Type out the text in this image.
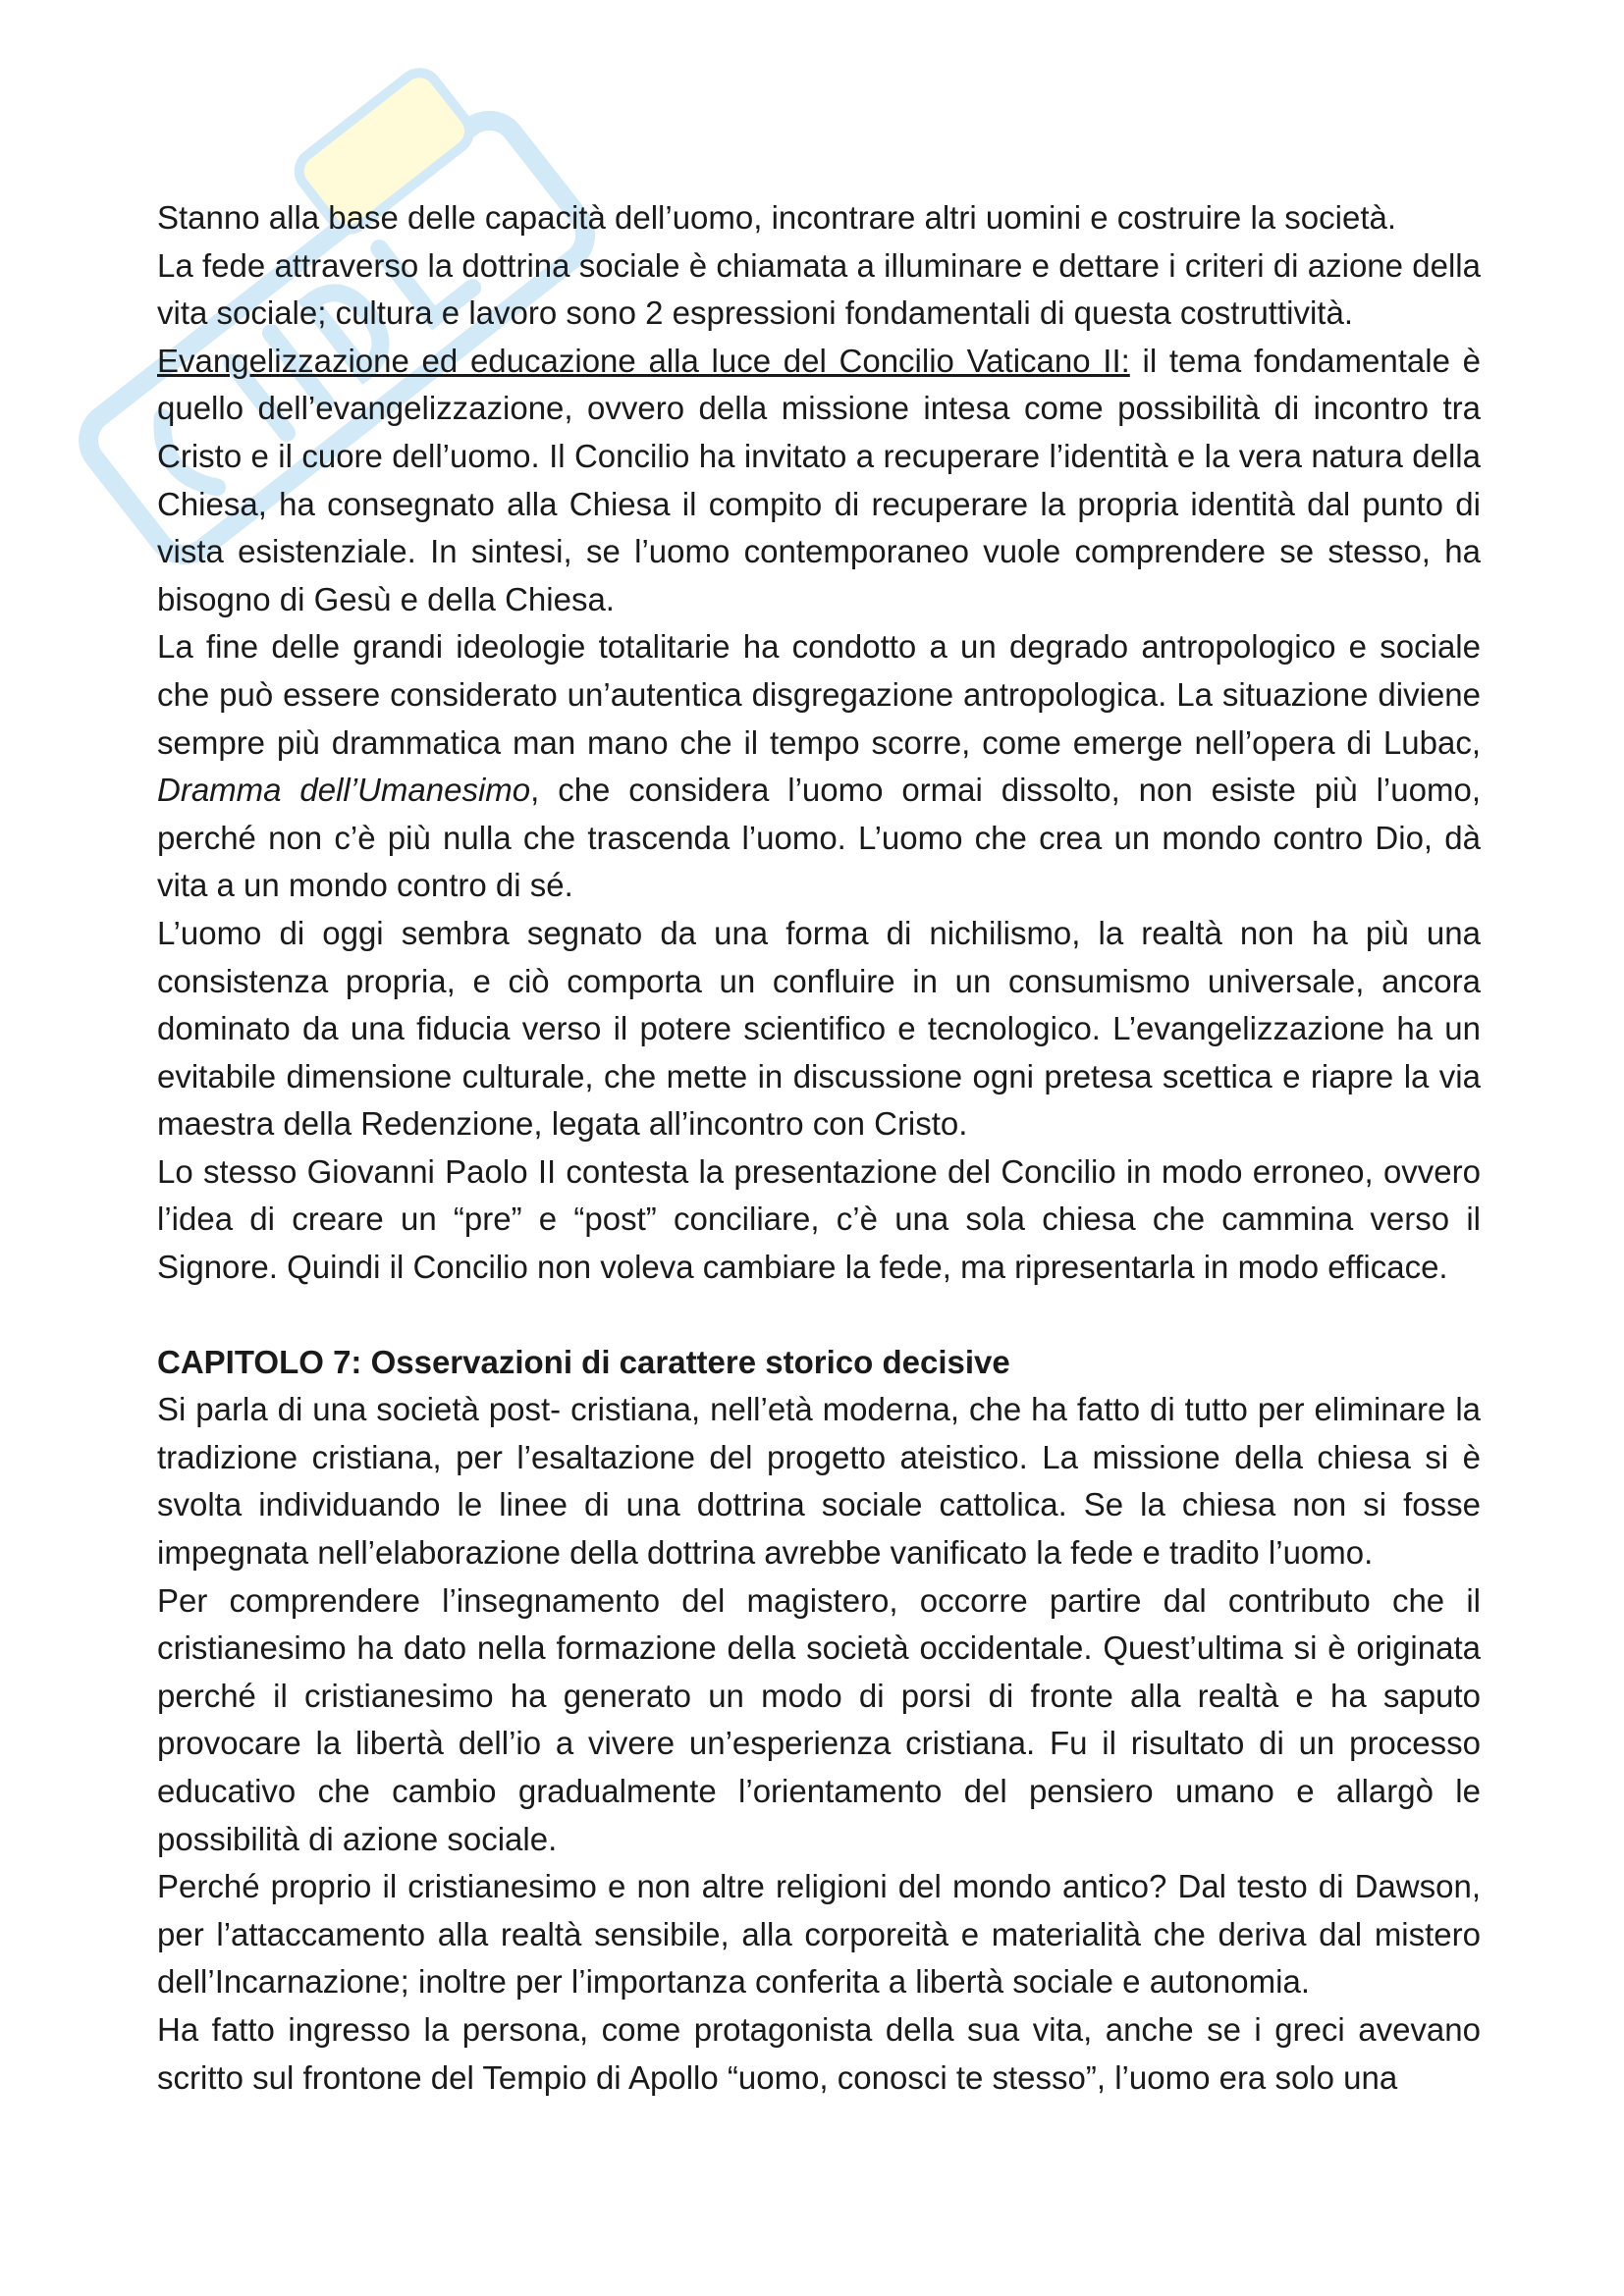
Stanno alla base delle capacità dell’uomo, incontrare altri uomini e costruire la società.

La fede attraverso la dottrina sociale è chiamata a illuminare e dettare i criteri di azione della vita sociale; cultura e lavoro sono 2 espressioni fondamentali di questa costruttività.

Evangelizzazione ed educazione alla luce del Concilio Vaticano II: il tema fondamentale è quello dell’evangelizzazione, ovvero della missione intesa come possibilità di incontro tra Cristo e il cuore dell’uomo. Il Concilio ha invitato a recuperare l’identità e la vera natura della Chiesa, ha consegnato alla Chiesa il compito di recuperare la propria identità dal punto di vista esistenziale. In sintesi, se l’uomo contemporaneo vuole comprendere se stesso, ha bisogno di Gesù e della Chiesa.

La fine delle grandi ideologie totalitarie ha condotto a un degrado antropologico e sociale che può essere considerato un’autentica disgregazione antropologica. La situazione diviene sempre più drammatica man mano che il tempo scorre, come emerge nell’opera di Lubac, Dramma dell’Umanesimo, che considera l’uomo ormai dissolto, non esiste più l’uomo, perché non c’è più nulla che trascenda l’uomo. L’uomo che crea un mondo contro Dio, dà vita a un mondo contro di sé.

L’uomo di oggi sembra segnato da una forma di nichilismo, la realtà non ha più una consistenza propria, e ciò comporta un confluire in un consumismo universale, ancora dominato da una fiducia verso il potere scientifico e tecnologico. L’evangelizzazione ha un evitabile dimensione culturale, che mette in discussione ogni pretesa scettica e riapre la via maestra della Redenzione, legata all’incontro con Cristo.

Lo stesso Giovanni Paolo II contesta la presentazione del Concilio in modo erroneo, ovvero l’idea di creare un “pre” e “post” conciliare, c’è una sola chiesa che cammina verso il Signore. Quindi il Concilio non voleva cambiare la fede, ma ripresentarla in modo efficace.

CAPITOLO 7: Osservazioni di carattere storico decisive

Si parla di una società post- cristiana, nell’età moderna, che ha fatto di tutto per eliminare la tradizione cristiana, per l’esaltazione del progetto ateistico. La missione della chiesa si è svolta individuando le linee di una dottrina sociale cattolica. Se la chiesa non si fosse impegnata nell’elaborazione della dottrina avrebbe vanificato la fede e tradito l’uomo.

Per comprendere l’insegnamento del magistero, occorre partire dal contributo che il cristianesimo ha dato nella formazione della società occidentale. Quest’ultima si è originata perché il cristianesimo ha generato un modo di porsi di fronte alla realtà e ha saputo provocare la libertà dell’io a vivere un’esperienza cristiana. Fu il risultato di un processo educativo che cambio gradualmente l’orientamento del pensiero umano e allargò le possibilità di azione sociale.

Perché proprio il cristianesimo e non altre religioni del mondo antico? Dal testo di Dawson, per l’attaccamento alla realtà sensibile, alla corporeità e materialità che deriva dal mistero dell’Incarnazione; inoltre per l’importanza conferita a libertà sociale e autonomia.

Ha fatto ingresso la persona, come protagonista della sua vita, anche se i greci avevano scritto sul frontone del Tempio di Apollo “uomo, conosci te stesso”, l’uomo era solo una
